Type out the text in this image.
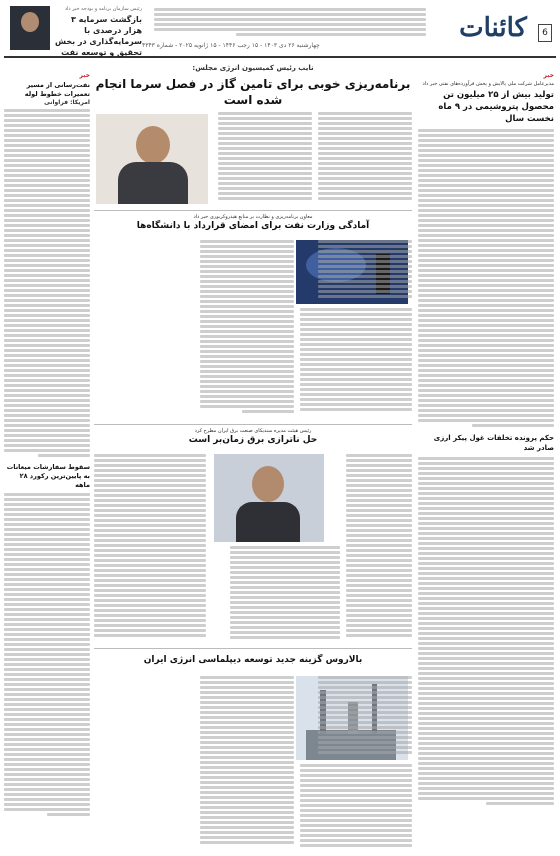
6
کائنات
چهارشنبه ۲۶ دی ۱۴۰۳ - ۱۵ رجب ۱۴۴۶ - ۱۵ ژانویه ۲۰۲۵ - شماره ۴۳۴۳
رئیس سازمان برنامه و بودجه خبر داد
بازگشت سرمایه ۳ هزار درصدی با سرمایه‌گذاری در بخش تحقیق و توسعه نفت
خبر
مدیرعامل شرکت ملی پالایش و پخش فرآورده‌های نفتی خبر داد
تولید بیش از ۲۵ میلیون تن محصول پتروشیمی در ۹ ماه نخست سال
حکم پرونده تخلفات غول پیکر ارزی صادر شد
نایب رئیس کمیسیون انرژی مجلس:
برنامه‌ریزی خوبی برای تامین گاز در فصل سرما انجام شده است
معاون برنامه‌ریزی و نظارت بر منابع هیدروکربوری خبر داد
آمادگی وزارت نفت برای امضای قرارداد با دانشگاه‌ها
رئیس هیئت مدیره سندیکای صنعت برق ایران مطرح کرد
حل ناترازی برق زمان‌بر است
بالاروس گزینه جدید توسعه دیپلماسی انرژی ایران
خبر
نفت‌رسانی از مسیر تعمیرات خطوط لوله
امریکا: فراوانی
سقوط سفارشات میعانات به پایین‌ترین رکورد ۲۸ ماهه
